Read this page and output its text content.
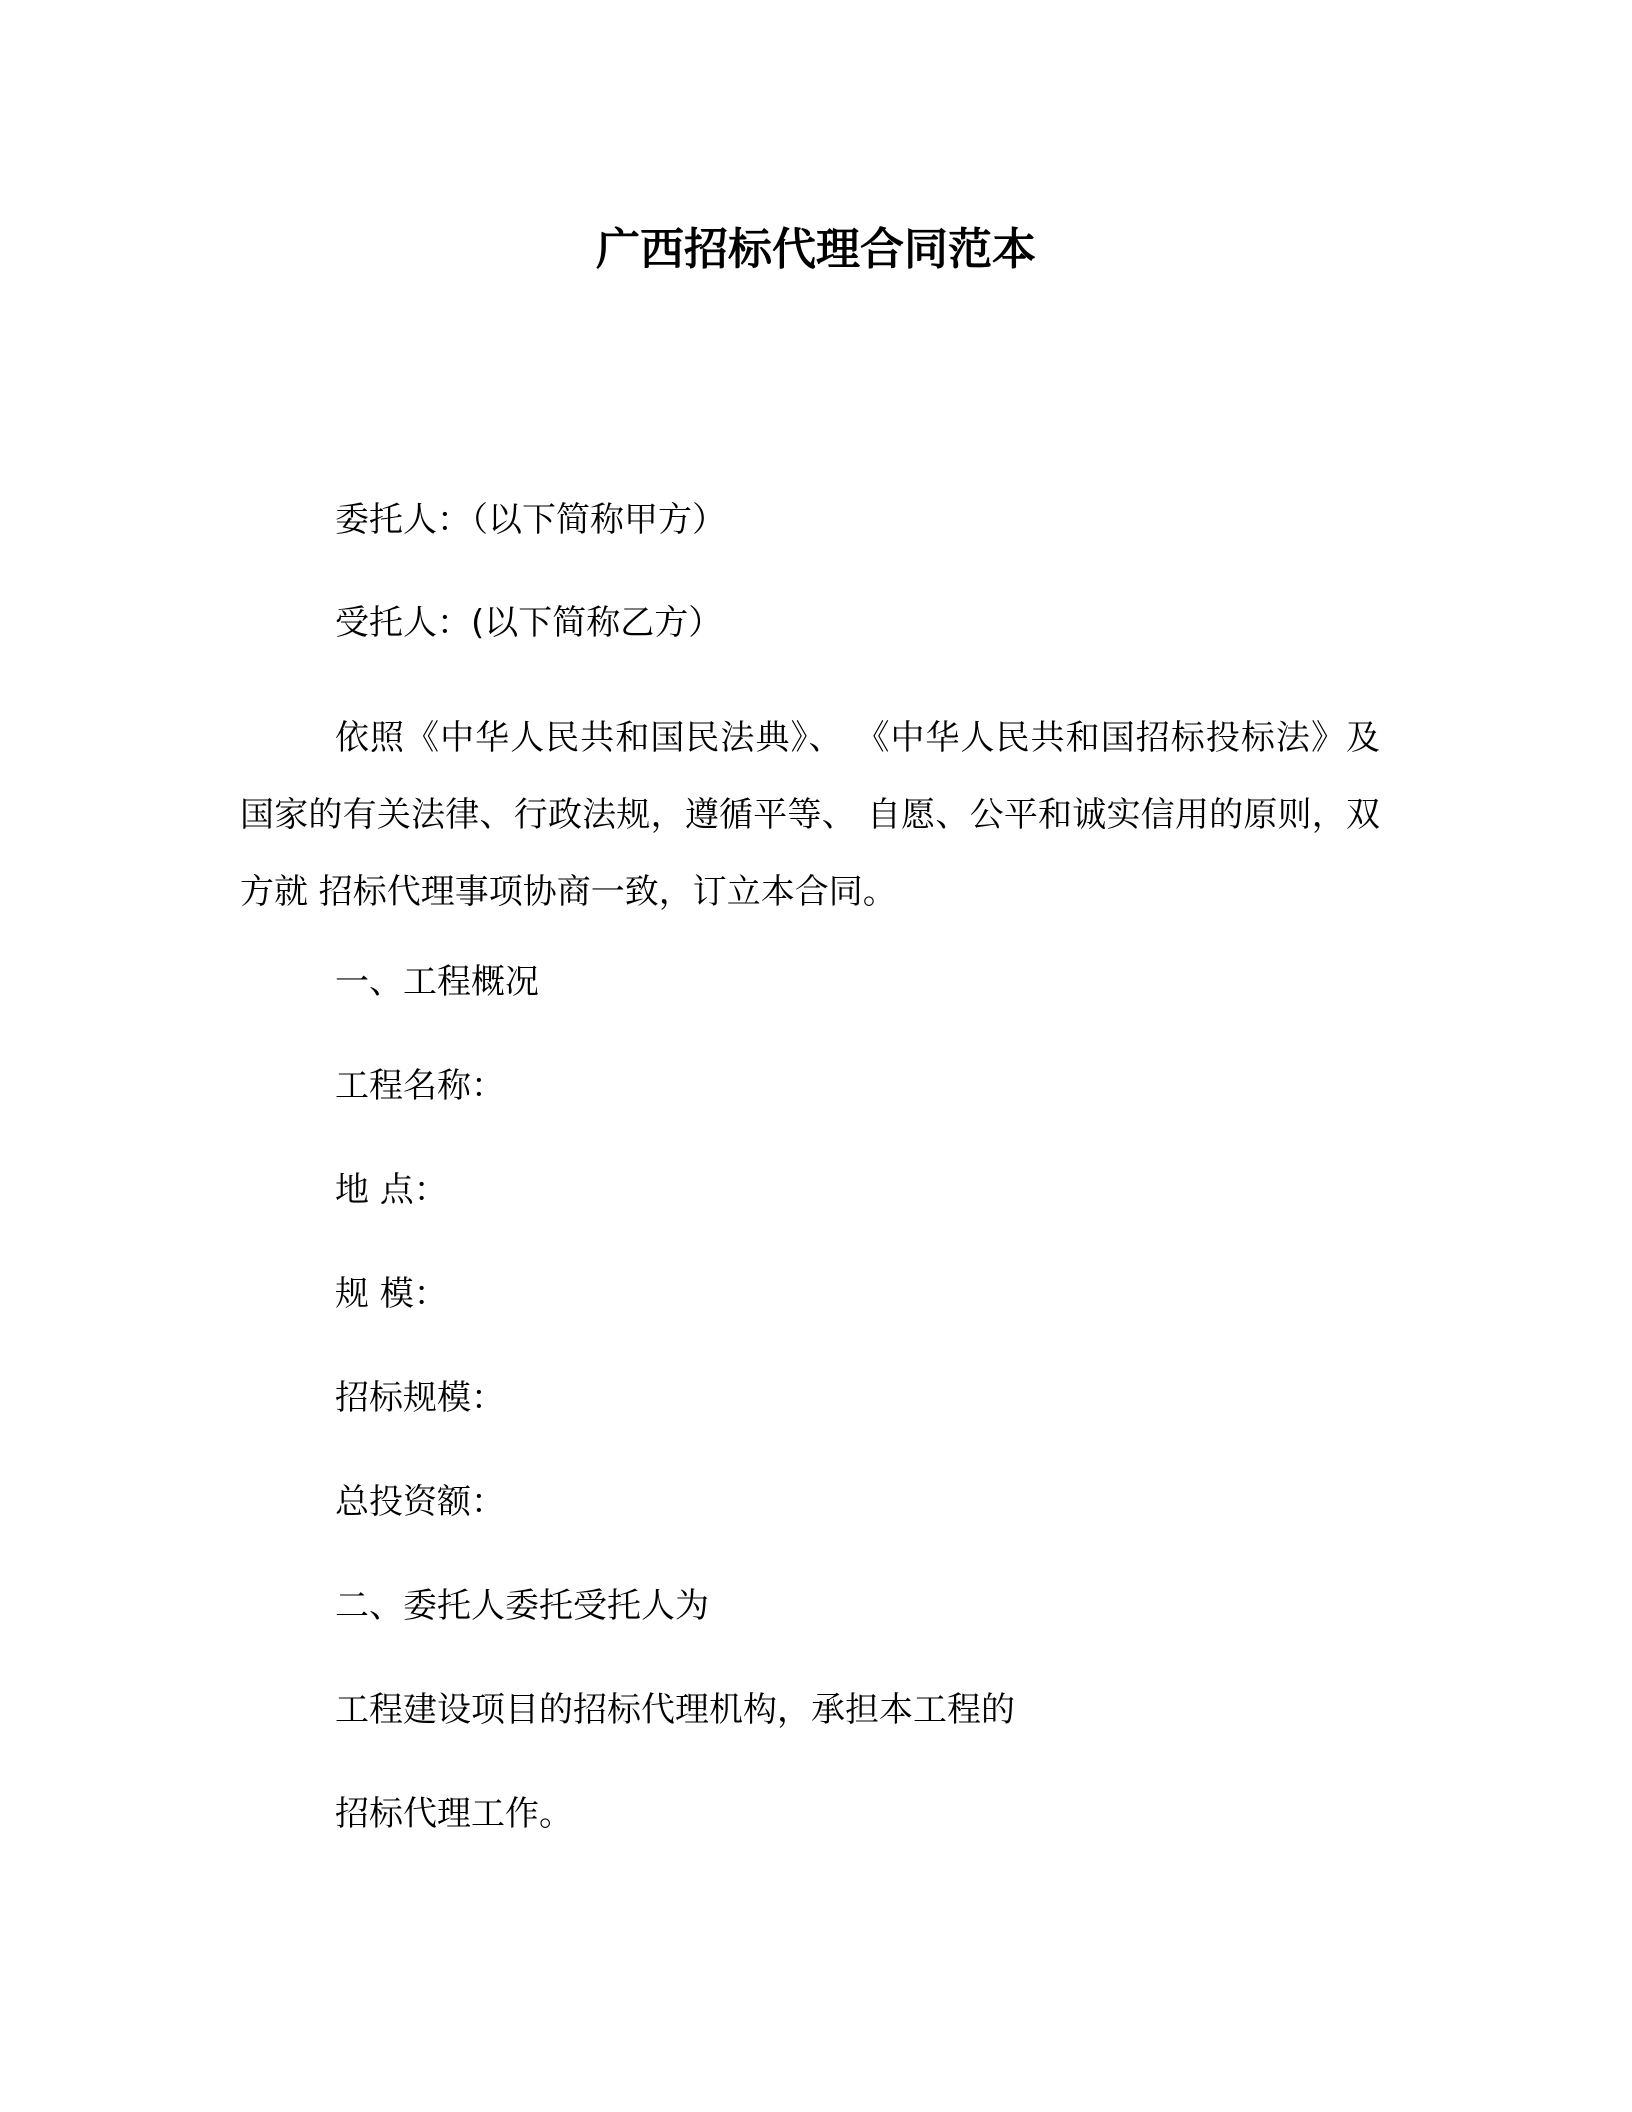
广西招标代理合同范本
委托人：（以下简称甲方）
受托人：(以下简称乙方）
依照《中华人民共和国民法典》、 《中华人民共和国招标投标法》及国家的有关法律、行政法规，遵循平等、 自愿、公平和诚实信用的原则，双方就 招标代理事项协商一致，订立本合同。
一、工程概况
工程名称：
地 点：
规 模：
招标规模：
总投资额：
二、委托人委托受托人为
工程建设项目的招标代理机构，承担本工程的
招标代理工作。
